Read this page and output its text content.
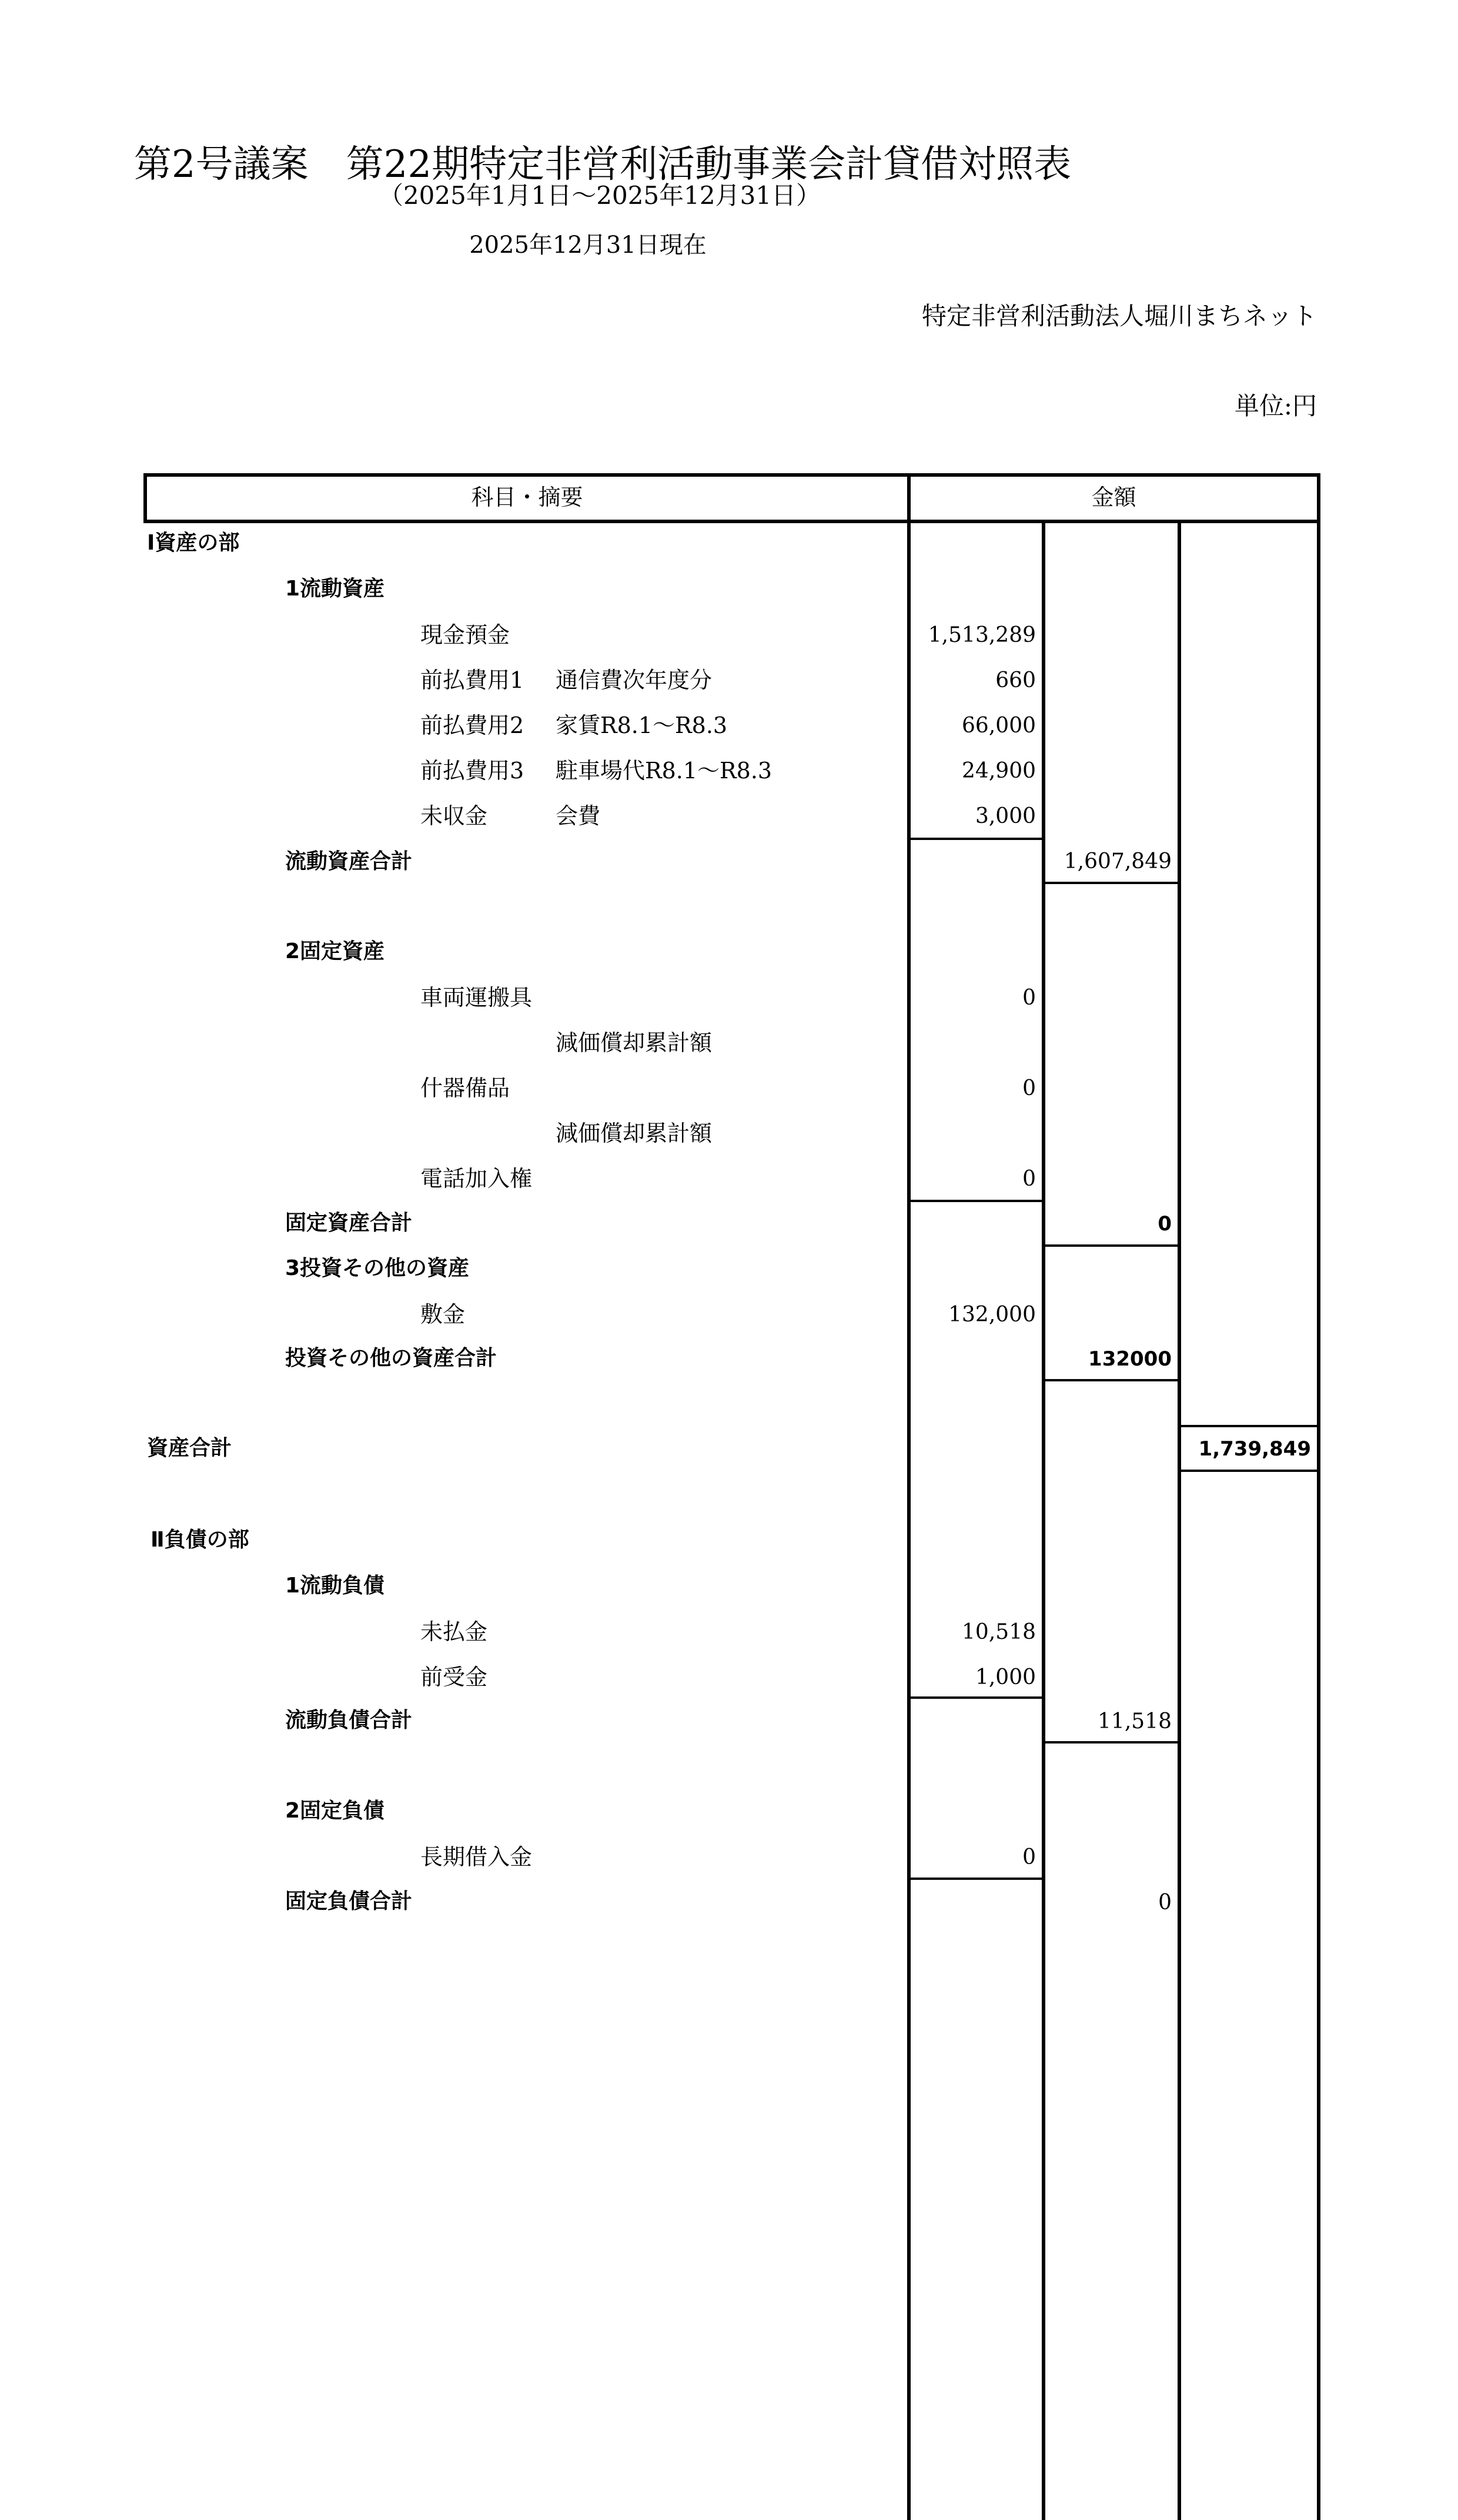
第2号議案　第22期特定非営利活動事業会計貸借対照表
（2025年1月1日～2025年12月31日）
2025年12月31日現在
特定非営利活動法人堀川まちネット
単位:円
科目・摘要	金額
Ⅰ資産の部
1流動資産
現金預金	1,513,289
前払費用1 通信費次年度分	660
前払費用2 家賃R8.1～R8.3	66,000
前払費用3 駐車場代R8.1～R8.3	24,900
未収金	会費	3,000
流動資産合計	1,607,849
2固定資産
車両運搬具	0
減価償却累計額
什器備品	0
減価償却累計額
電話加入権	0
固定資産合計	0
3投資その他の資産
敷金	132,000
投資その他の資産合計	132000
資産合計	1,739,849
Ⅱ負債の部
1流動負債
未払金	10,518
前受金	1,000
流動負債合計	11,518
2固定負債
長期借入金	0
固定負債合計	0
